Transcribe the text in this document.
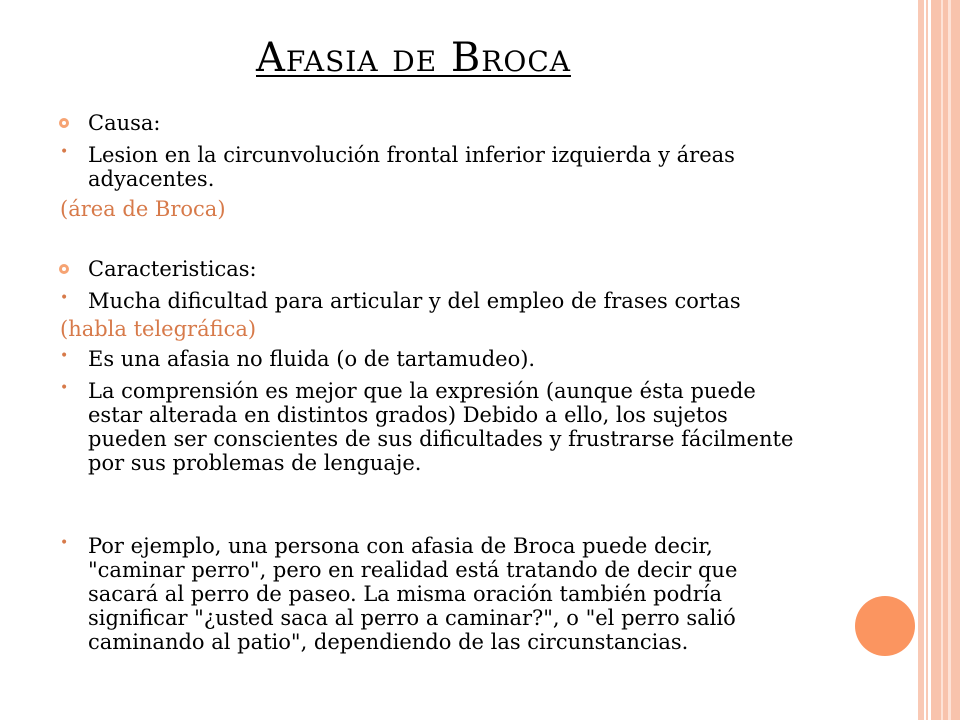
Afasia de Broca
Causa:
• Lesion en la circunvolución frontal inferior izquierda y áreas
adyacentes.
(área de Broca)
Caracteristicas:
• Mucha dificultad para articular y del empleo de frases cortas
(habla telegráfica)
• Es una afasia no fluida (o de tartamudeo).
• La comprensión es mejor que la expresión (aunque ésta puede
estar alterada en distintos grados) Debido a ello, los sujetos
pueden ser conscientes de sus dificultades y frustrarse fácilmente
por sus problemas de lenguaje.
• Por ejemplo, una persona con afasia de Broca puede decir,
"caminar perro", pero en realidad está tratando de decir que
sacará al perro de paseo. La misma oración también podría
significar "¿usted saca al perro a caminar?", o "el perro salió
caminando al patio", dependiendo de las circunstancias.
